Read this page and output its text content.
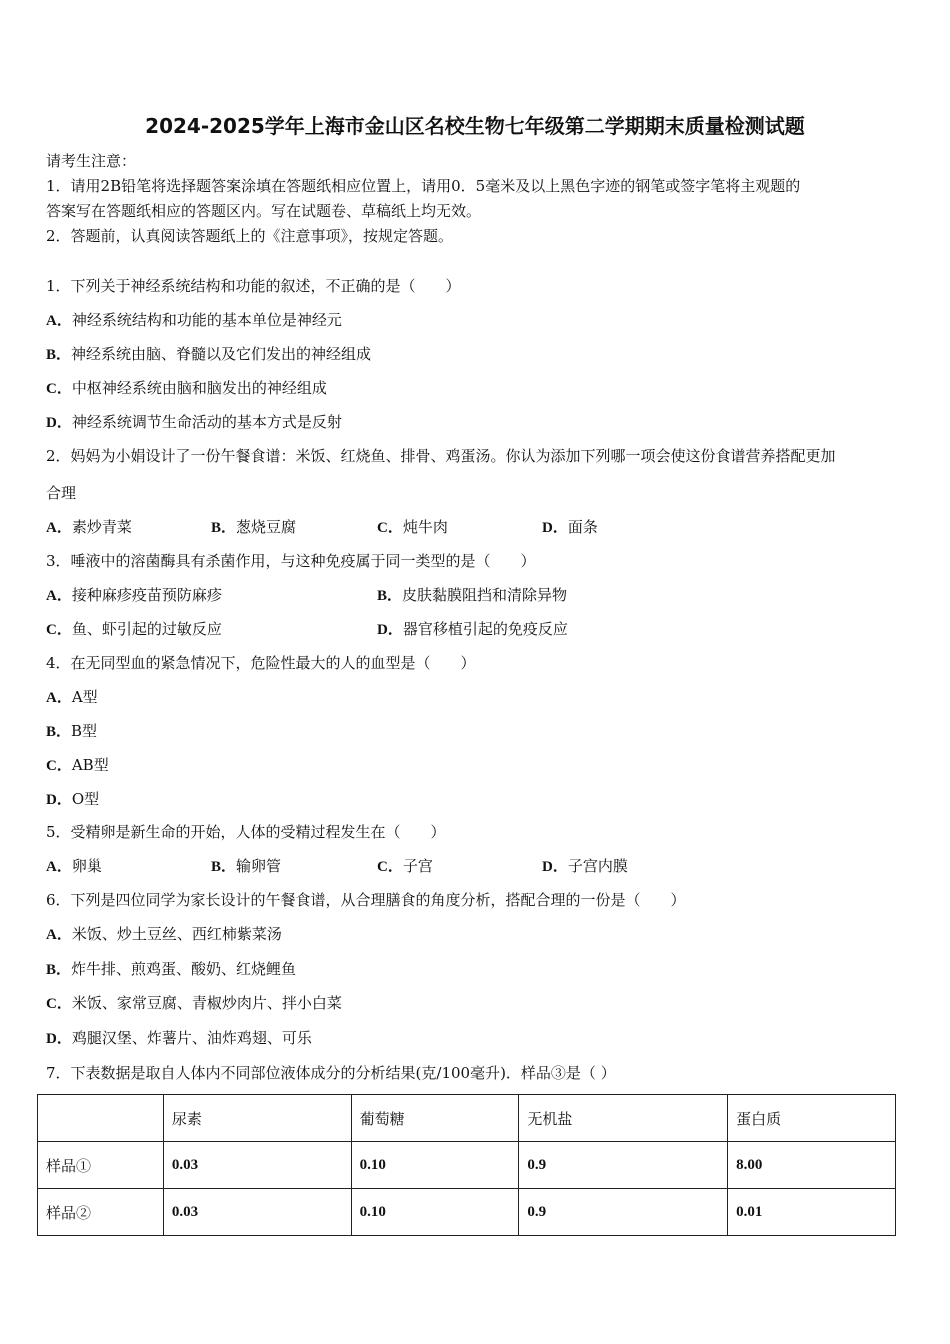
2024-2025学年上海市金山区名校生物七年级第二学期期末质量检测试题
请考生注意：
1．请用2B铅笔将选择题答案涂填在答题纸相应位置上，请用0．5毫米及以上黑色字迹的钢笔或签字笔将主观题的
答案写在答题纸相应的答题区内。写在试题卷、草稿纸上均无效。
2．答题前，认真阅读答题纸上的《注意事项》，按规定答题。
1．下列关于神经系统结构和功能的叙述，不正确的是（　　）
A．神经系统结构和功能的基本单位是神经元
B．神经系统由脑、脊髓以及它们发出的神经组成
C．中枢神经系统由脑和脑发出的神经组成
D．神经系统调节生命活动的基本方式是反射
2．妈妈为小娟设计了一份午餐食谱：米饭、红烧鱼、排骨、鸡蛋汤。你认为添加下列哪一项会使这份食谱营养搭配更加
合理
A．素炒青菜	B．葱烧豆腐	C．炖牛肉	D．面条
3．唾液中的溶菌酶具有杀菌作用，与这种免疫属于同一类型的是（　　）
A．接种麻疹疫苗预防麻疹	B．皮肤黏膜阻挡和清除异物
C．鱼、虾引起的过敏反应	D．器官移植引起的免疫反应
4．在无同型血的紧急情况下，危险性最大的人的血型是（　　）
A．A型
B．B型
C．AB型
D．O型
5．受精卵是新生命的开始，人体的受精过程发生在（　　）
A．卵巢	B．输卵管	C．子宫	D．子宫内膜
6．下列是四位同学为家长设计的午餐食谱，从合理膳食的角度分析，搭配合理的一份是（　　）
A．米饭、炒土豆丝、西红柿紫菜汤
B．炸牛排、煎鸡蛋、酸奶、红烧鲤鱼
C．米饭、家常豆腐、青椒炒肉片、拌小白菜
D．鸡腿汉堡、炸薯片、油炸鸡翅、可乐
7．下表数据是取自人体内不同部位液体成分的分析结果(克/100毫升)．样品③是（ ）
	尿素	葡萄糖	无机盐	蛋白质
样品①	0.03	0.10	0.9	8.00
样品②	0.03	0.10	0.9	0.01
